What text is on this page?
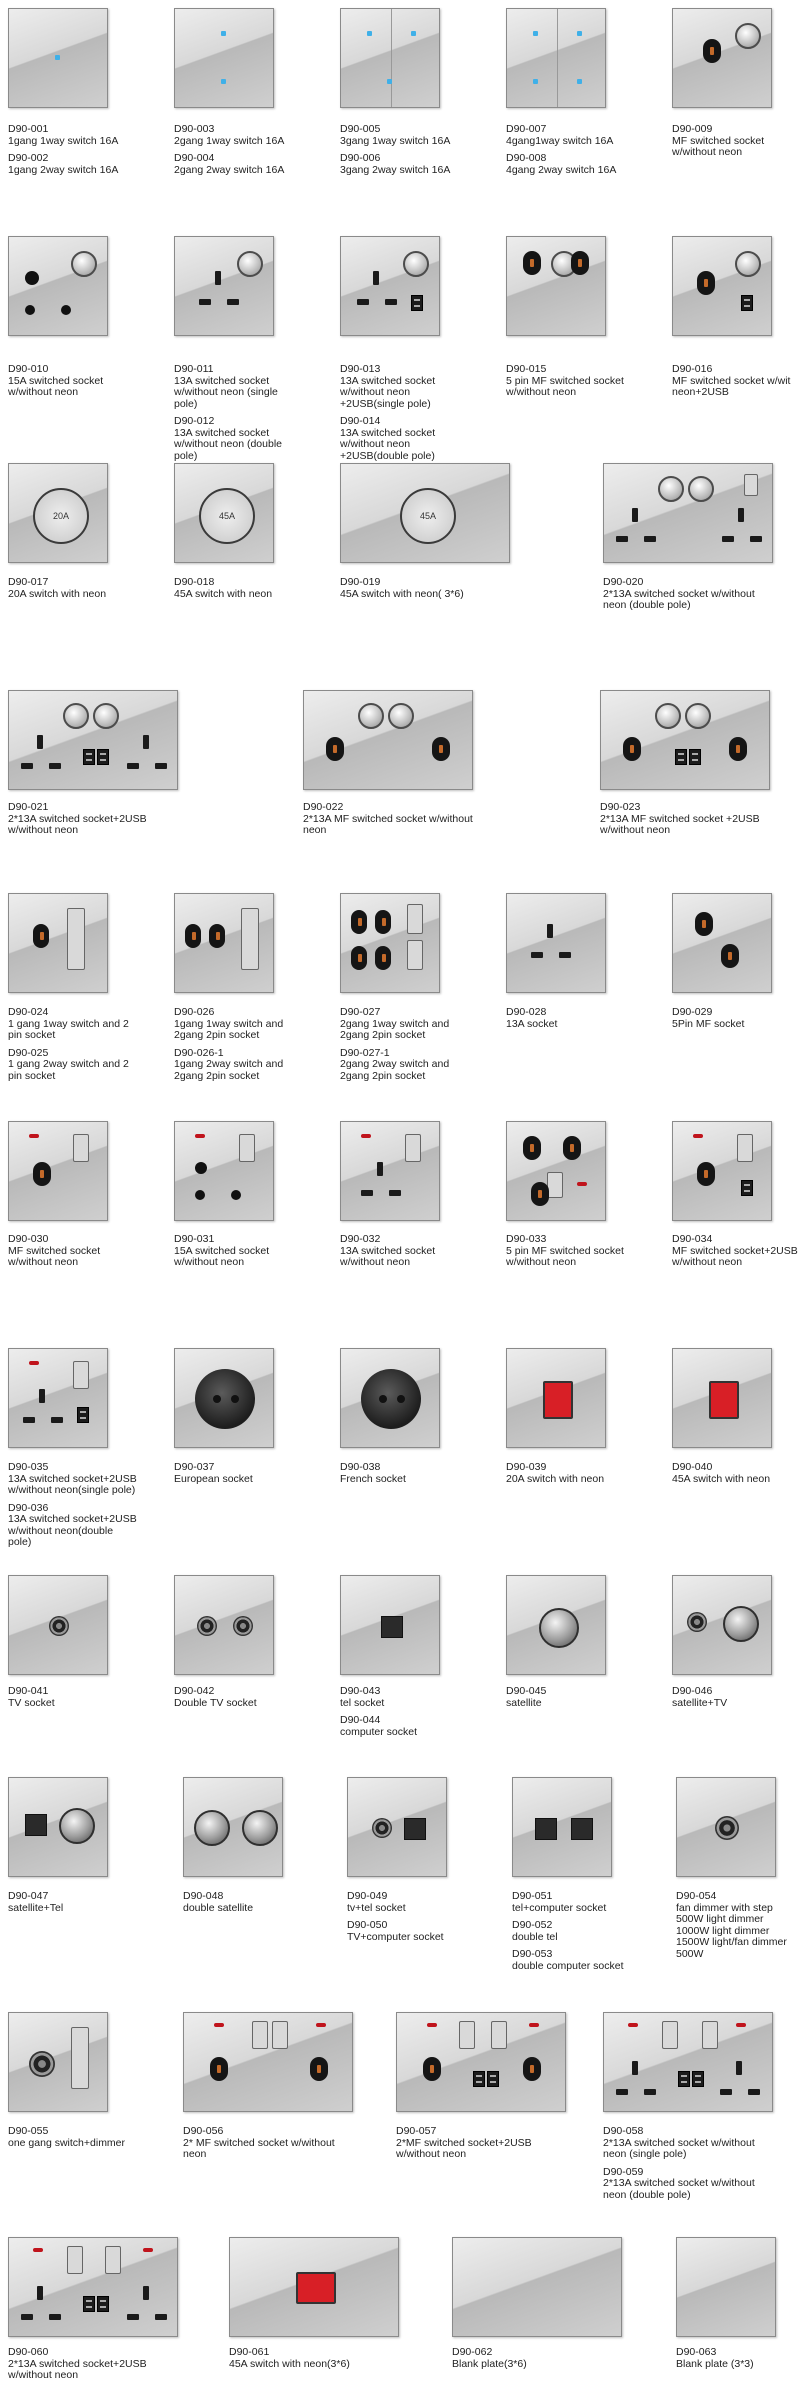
D90-001
1gang 1way switch 16A
D90-002
1gang 2way switch 16A
D90-003
2gang 1way switch 16A
D90-004
2gang 2way switch 16A
D90-005
3gang 1way switch 16A
D90-006
3gang 2way switch 16A
D90-007
4gang1way switch 16A
D90-008
4gang 2way switch 16A
D90-009
MF switched socket w/without neon
D90-010
15A switched socket w/without neon
D90-011
13A switched socket w/without neon (single pole)
D90-012
13A switched socket w/without neon (double pole)
D90-013
13A switched socket w/without neon +2USB(single pole)
D90-014
13A switched socket w/without neon +2USB(double pole)
D90-015
5 pin MF switched socket w/without neon
D90-016
MF switched socket w/wit neon+2USB
20A
D90-017
20A switch with neon
45A
D90-018
45A switch with neon
45A
D90-019
45A switch with neon( 3*6)
D90-020
2*13A switched socket w/without neon (double pole)
D90-021
2*13A switched socket+2USB w/without neon
D90-022
2*13A MF switched socket w/without neon
D90-023
2*13A MF switched socket +2USB w/without neon
D90-024
1 gang 1way switch and 2 pin socket
D90-025
1 gang 2way switch and 2 pin socket
D90-026
1gang 1way switch and 2gang 2pin socket
D90-026-1
1gang 2way switch and 2gang 2pin socket
D90-027
2gang 1way switch and 2gang 2pin socket
D90-027-1
2gang 2way switch and 2gang 2pin socket
D90-028
13A socket
D90-029
5Pin MF socket
D90-030
MF switched socket w/without neon
D90-031
15A switched socket w/without neon
D90-032
13A switched socket w/without neon
D90-033
5 pin MF switched socket w/without neon
D90-034
MF switched socket+2USB w/without neon
D90-035
13A switched socket+2USB w/without neon(single pole)
D90-036
13A switched socket+2USB w/without neon(double pole)
D90-037
European socket
D90-038
French socket
D90-039
20A switch with neon
D90-040
45A switch with neon
D90-041
TV socket
D90-042
Double TV socket
D90-043
tel socket
D90-044
computer socket
D90-045
satellite
D90-046
satellite+TV
D90-047
satellite+Tel
D90-048
double satellite
D90-049
tv+tel socket
D90-050
TV+computer socket
D90-051
tel+computer socket
D90-052
double tel
D90-053
double computer socket
D90-054
fan dimmer with step 500W light dimmer 1000W light dimmer 1500W light/fan dimmer 500W
D90-055
one gang switch+dimmer
D90-056
2* MF switched socket w/without neon
D90-057
2*MF switched socket+2USB w/without neon
D90-058
2*13A switched socket w/without neon (single pole)
D90-059
2*13A switched socket w/without neon (double pole)
D90-060
2*13A switched socket+2USB w/without neon
D90-061
45A switch with neon(3*6)
D90-062
Blank plate(3*6)
D90-063
Blank plate (3*3)
